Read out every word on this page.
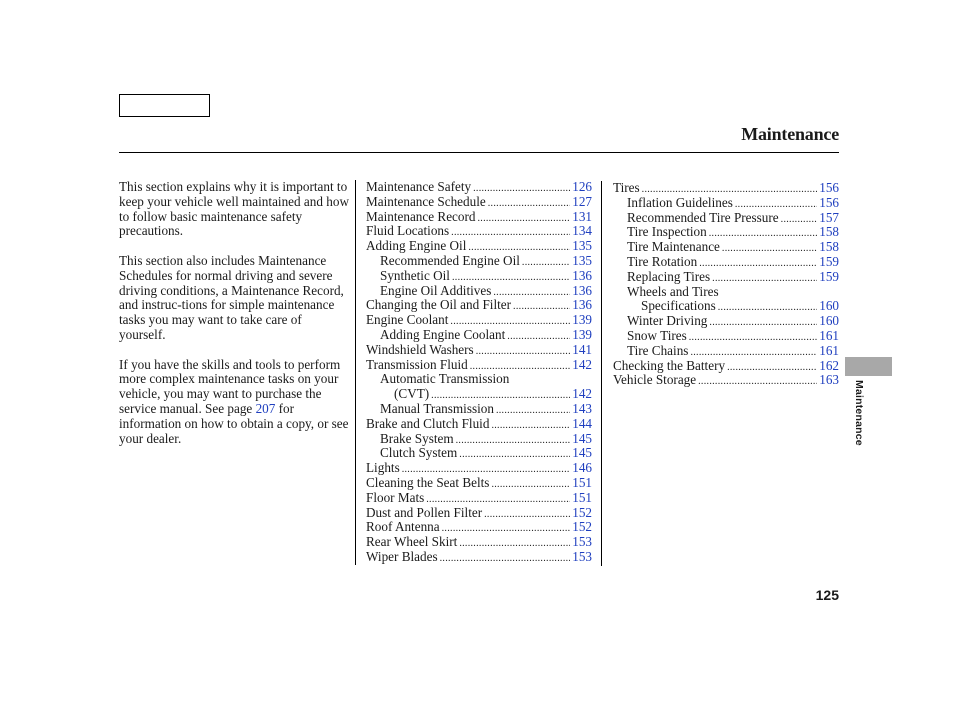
Maintenance

This section explains why it is important to keep your vehicle well maintained and how to follow basic maintenance safety precautions.

This section also includes Maintenance Schedules for normal driving and severe driving conditions, a Maintenance Record, and instruc-tions for simple maintenance tasks you may want to take care of yourself.

If you have the skills and tools to perform more complex maintenance tasks on your vehicle, you may want to purchase the service manual. See page 207 for information on how to obtain a copy, or see your dealer.

Maintenance Safety .....	126
Maintenance Schedule .....	127
Maintenance Record .....	131
Fluid Locations .....	134
Adding Engine Oil .....	135
Recommended Engine Oil .....	135
Synthetic Oil .....	136
Engine Oil Additives .....	136
Changing the Oil and Filter .....	136
Engine Coolant .....	139
Adding Engine Coolant .....	139
Windshield Washers .....	141
Transmission Fluid .....	142
Automatic Transmission
(CVT) .....	142
Manual Transmission .....	143
Brake and Clutch Fluid .....	144
Brake System .....	145
Clutch System .....	145
Lights .....	146
Cleaning the Seat Belts .....	151
Floor Mats .....	151
Dust and Pollen Filter .....	152
Roof Antenna .....	152
Rear Wheel Skirt .....	153
Wiper Blades .....	153
Tires .....	156
Inflation Guidelines .....	156
Recommended Tire Pressure .....	157
Tire Inspection .....	158
Tire Maintenance .....	158
Tire Rotation .....	159
Replacing Tires .....	159
Wheels and Tires
Specifications .....	160
Winter Driving .....	160
Snow Tires .....	161
Tire Chains .....	161
Checking the Battery .....	162
Vehicle Storage .....	163
Maintenance
125
